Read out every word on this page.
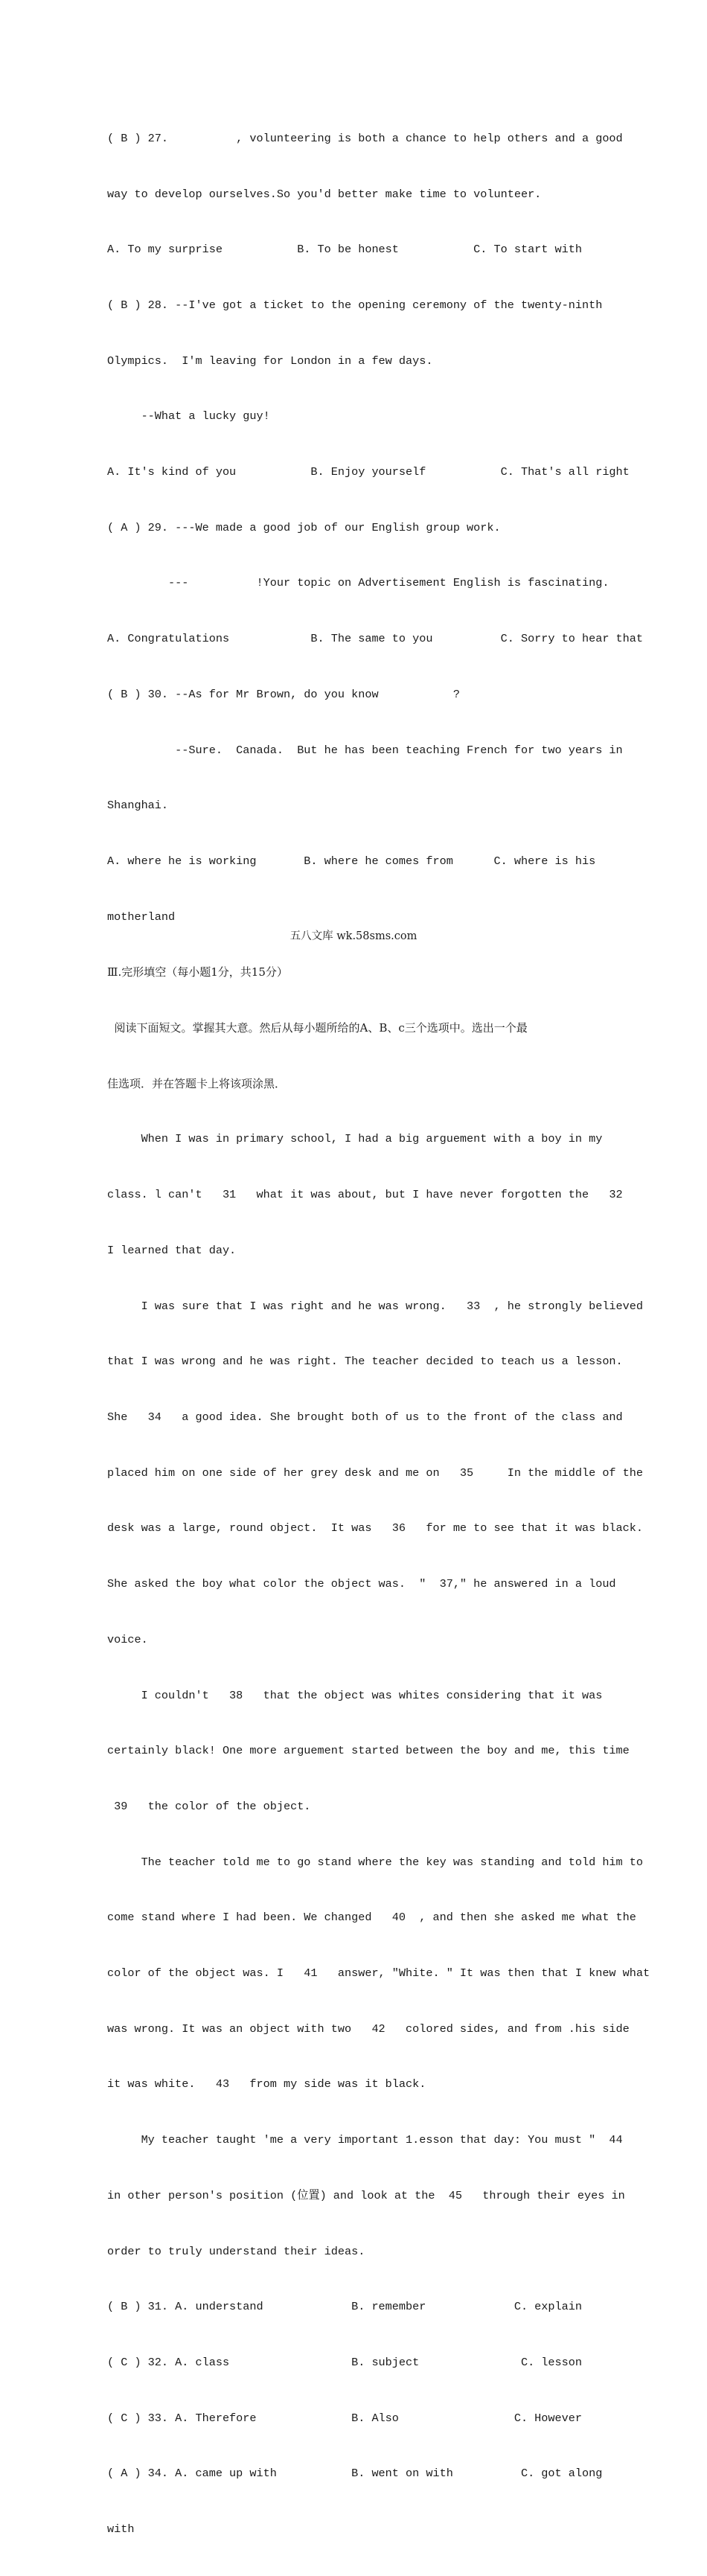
( B ) 27.          , volunteering is both a chance to help others and a good

way to develop ourselves.So you'd better make time to volunteer.

A. To my surprise           B. To be honest           C. To start with

( B ) 28. --I've got a ticket to the opening ceremony of the twenty-ninth

Olympics.  I'm leaving for London in a few days.

--What a lucky guy!

A. It's kind of you           B. Enjoy yourself           C. That's all right

( A ) 29. ---We made a good job of our English group work.

---          !Your topic on Advertisement English is fascinating.

A. Congratulations            B. The same to you          C. Sorry to hear that

( B ) 30. --As for Mr Brown, do you know           ?

--Sure.  Canada.  But he has been teaching French for two years in

Shanghai.

A. where he is working       B. where he comes from      C. where is his

motherland

Ⅲ.完形填空（每小题1分，共15分）

阅读下面短文。掌握其大意。然后从每小题所给的A、B、c三个选项中。选出一个最

佳选项．并在答题卡上将该项涂黑．

When I was in primary school, I had a big arguement with a boy in my

class. l can't   31   what it was about, but I have never forgotten the   32

I learned that day.

I was sure that I was right and he was wrong.   33  , he strongly believed

that I was wrong and he was right. The teacher decided to teach us a lesson.

She   34   a good idea. She brought both of us to the front of the class and

placed him on one side of her grey desk and me on   35     In the middle of the

desk was a large, round object.  It was   36   for me to see that it was black.

She asked the boy what color the object was.  ″  37,″ he answered in a loud

voice.

I couldn't   38   that the object was whites considering that it was

certainly black! One more arguement started between the boy and me, this time

39   the color of the object.

The teacher told me to go stand where the key was standing and told him to

come stand where I had been. We changed   40  , and then she asked me what the

color of the object was. I   41   answer, "White. ″ It was then that I knew what

was wrong. It was an object with two   42   colored sides, and from .his side

it was white.   43   from my side was it black.

My teacher taught 'me a very important 1.esson that day: You must ″  44

in other person's position (位置) and look at the  45   through their eyes in

order to truly understand their ideas.

( B ) 31. A. understand             B. remember             C. explain

( C ) 32. A. class                  B. subject               C. lesson

( C ) 33. A. Therefore              B. Also                 C. However

( A ) 34. A. came up with           B. went on with          C. got along

with

五八文库 wk.58sms.com
